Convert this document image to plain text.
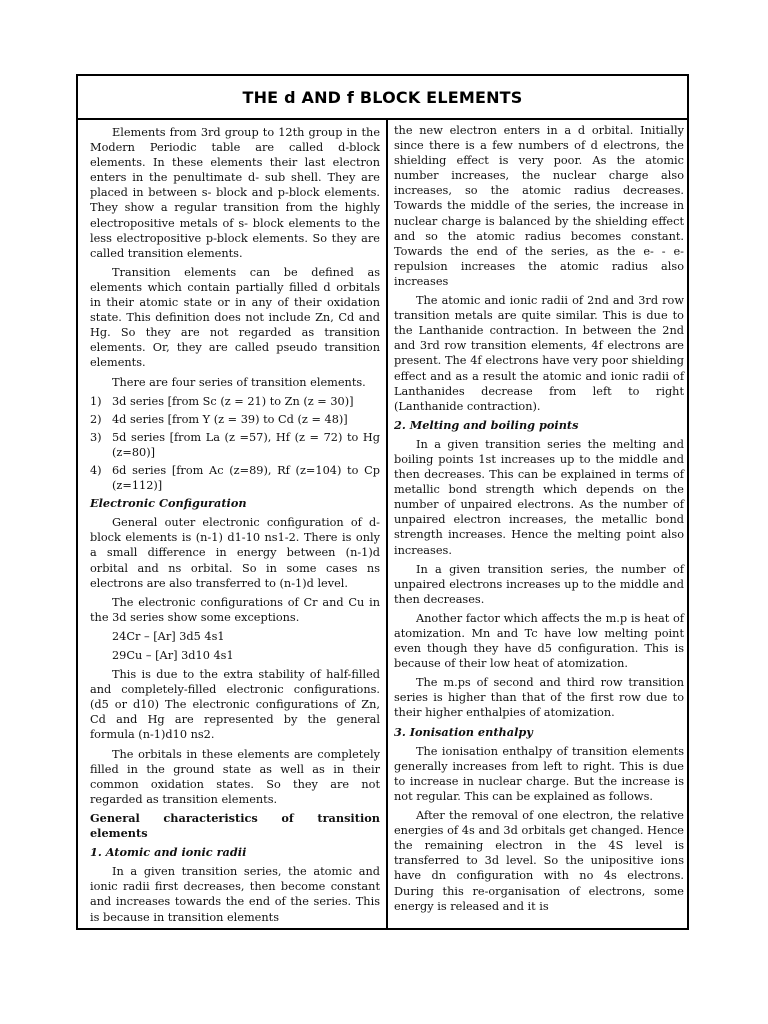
THE d AND f BLOCK ELEMENTS

Elements from 3rd group to 12th group in the Modern Periodic table are called d-block elements. In these elements their last electron enters in the penultimate d- sub shell. They are placed in between s- block and p-block elements. They show a regular transition from the highly electropositive metals of s- block elements to the less electropositive p-block elements. So they are called transition elements.

Transition elements can be defined as elements which contain partially filled d orbitals in their atomic state or in any of their oxidation state. This definition does not include Zn, Cd and Hg. So they are not regarded as transition elements. Or, they are called pseudo transition elements.

There are four series of transition elements.

1) 3d series [from Sc (z = 21) to Zn (z = 30)]
2) 4d series [from Y (z = 39) to Cd (z = 48)]
3) 5d series [from La (z =57), Hf (z = 72) to Hg (z=80)]
4) 6d series [from Ac (z=89), Rf (z=104) to Cp (z=112)]

Electronic Configuration

General outer electronic configuration of d-block elements is (n-1) d1-10 ns1-2. There is only a small difference in energy between (n-1)d orbital and ns orbital. So in some cases ns electrons are also transferred to (n-1)d level.

The electronic configurations of Cr and Cu in the 3d series show some exceptions.

24Cr – [Ar] 3d5 4s1

29Cu – [Ar] 3d10 4s1

This is due to the extra stability of half-filled and completely-filled electronic configurations. (d5 or d10) The electronic configurations of Zn, Cd and Hg are represented by the general formula (n-1)d10 ns2.

The orbitals in these elements are completely filled in the ground state as well as in their common oxidation states. So they are not regarded as transition elements.

General characteristics of transition elements

1. Atomic and ionic radii

In a given transition series, the atomic and ionic radii first decreases, then become constant and increases towards the end of the series. This is because in transition elements

the new electron enters in a d orbital. Initially since there is a few numbers of d electrons, the shielding effect is very poor. As the atomic number increases, the nuclear charge also increases, so the atomic radius decreases. Towards the middle of the series, the increase in nuclear charge is balanced by the shielding effect and so the atomic radius becomes constant. Towards the end of the series, as the e- - e- repulsion increases the atomic radius also increases

The atomic and ionic radii of 2nd and 3rd row transition metals are quite similar. This is due to the Lanthanide contraction. In between the 2nd and 3rd row transition elements, 4f electrons are present. The 4f electrons have very poor shielding effect and as a result the atomic and ionic radii of Lanthanides decrease from left to right (Lanthanide contraction).

2. Melting and boiling points

In a given transition series the melting and boiling points 1st increases up to the middle and then decreases. This can be explained in terms of metallic bond strength which depends on the number of unpaired electrons. As the number of unpaired electron increases, the metallic bond strength increases. Hence the melting point also increases.

In a given transition series, the number of unpaired electrons increases up to the middle and then decreases.

Another factor which affects the m.p is heat of atomization. Mn and Tc have low melting point even though they have d5 configuration. This is because of their low heat of atomization.

The m.ps of second and third row transition series is higher than that of the first row due to their higher enthalpies of atomization.

3. Ionisation enthalpy

The ionisation enthalpy of transition elements generally increases from left to right. This is due to increase in nuclear charge. But the increase is not regular. This can be explained as follows.

After the removal of one electron, the relative energies of 4s and 3d orbitals get changed. Hence the remaining electron in the 4S level is transferred to 3d level. So the unipositive ions have dn configuration with no 4s electrons. During this re-organisation of electrons, some energy is released and it is
